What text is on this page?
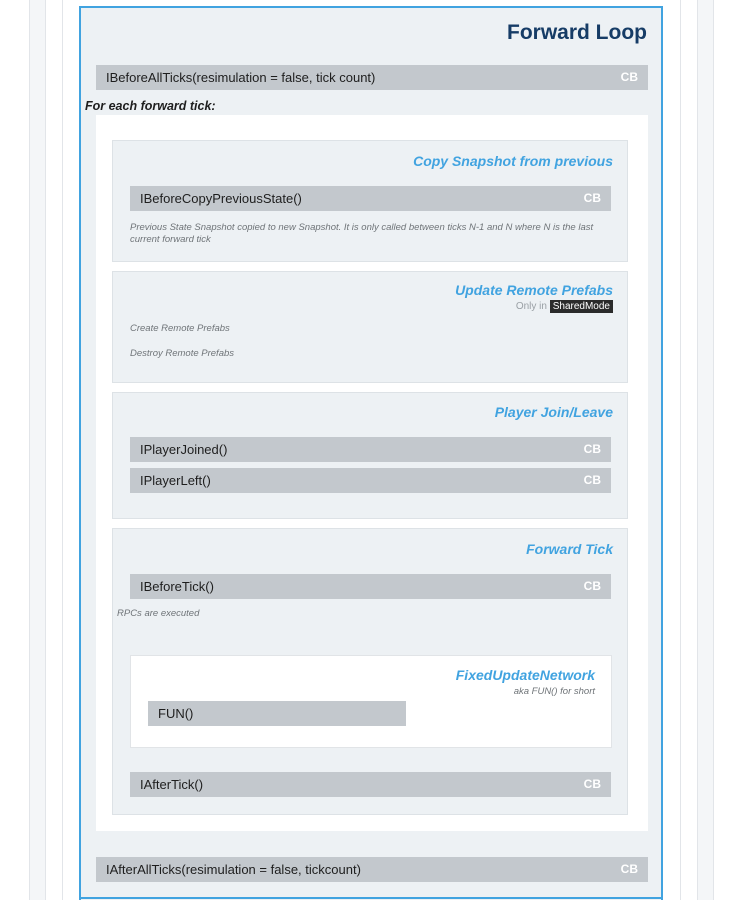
Forward Loop
IBeforeAllTicks(resimulation = false, tick count)	CB
For each forward tick:
Copy Snapshot from previous
IBeforeCopyPreviousState()	CB
Previous State Snapshot copied to new Snapshot. It is only called between ticks N-1 and N where N is the last current forward tick
Update Remote Prefabs
Only in SharedMode
Create Remote Prefabs
Destroy Remote Prefabs
Player Join/Leave
IPlayerJoined()	CB
IPlayerLeft()	CB
Forward Tick
IBeforeTick()	CB
RPCs are executed
FixedUpdateNetwork
aka FUN() for short
FUN()
IAfterTick()	CB
IAfterAllTicks(resimulation = false, tickcount)	CB
